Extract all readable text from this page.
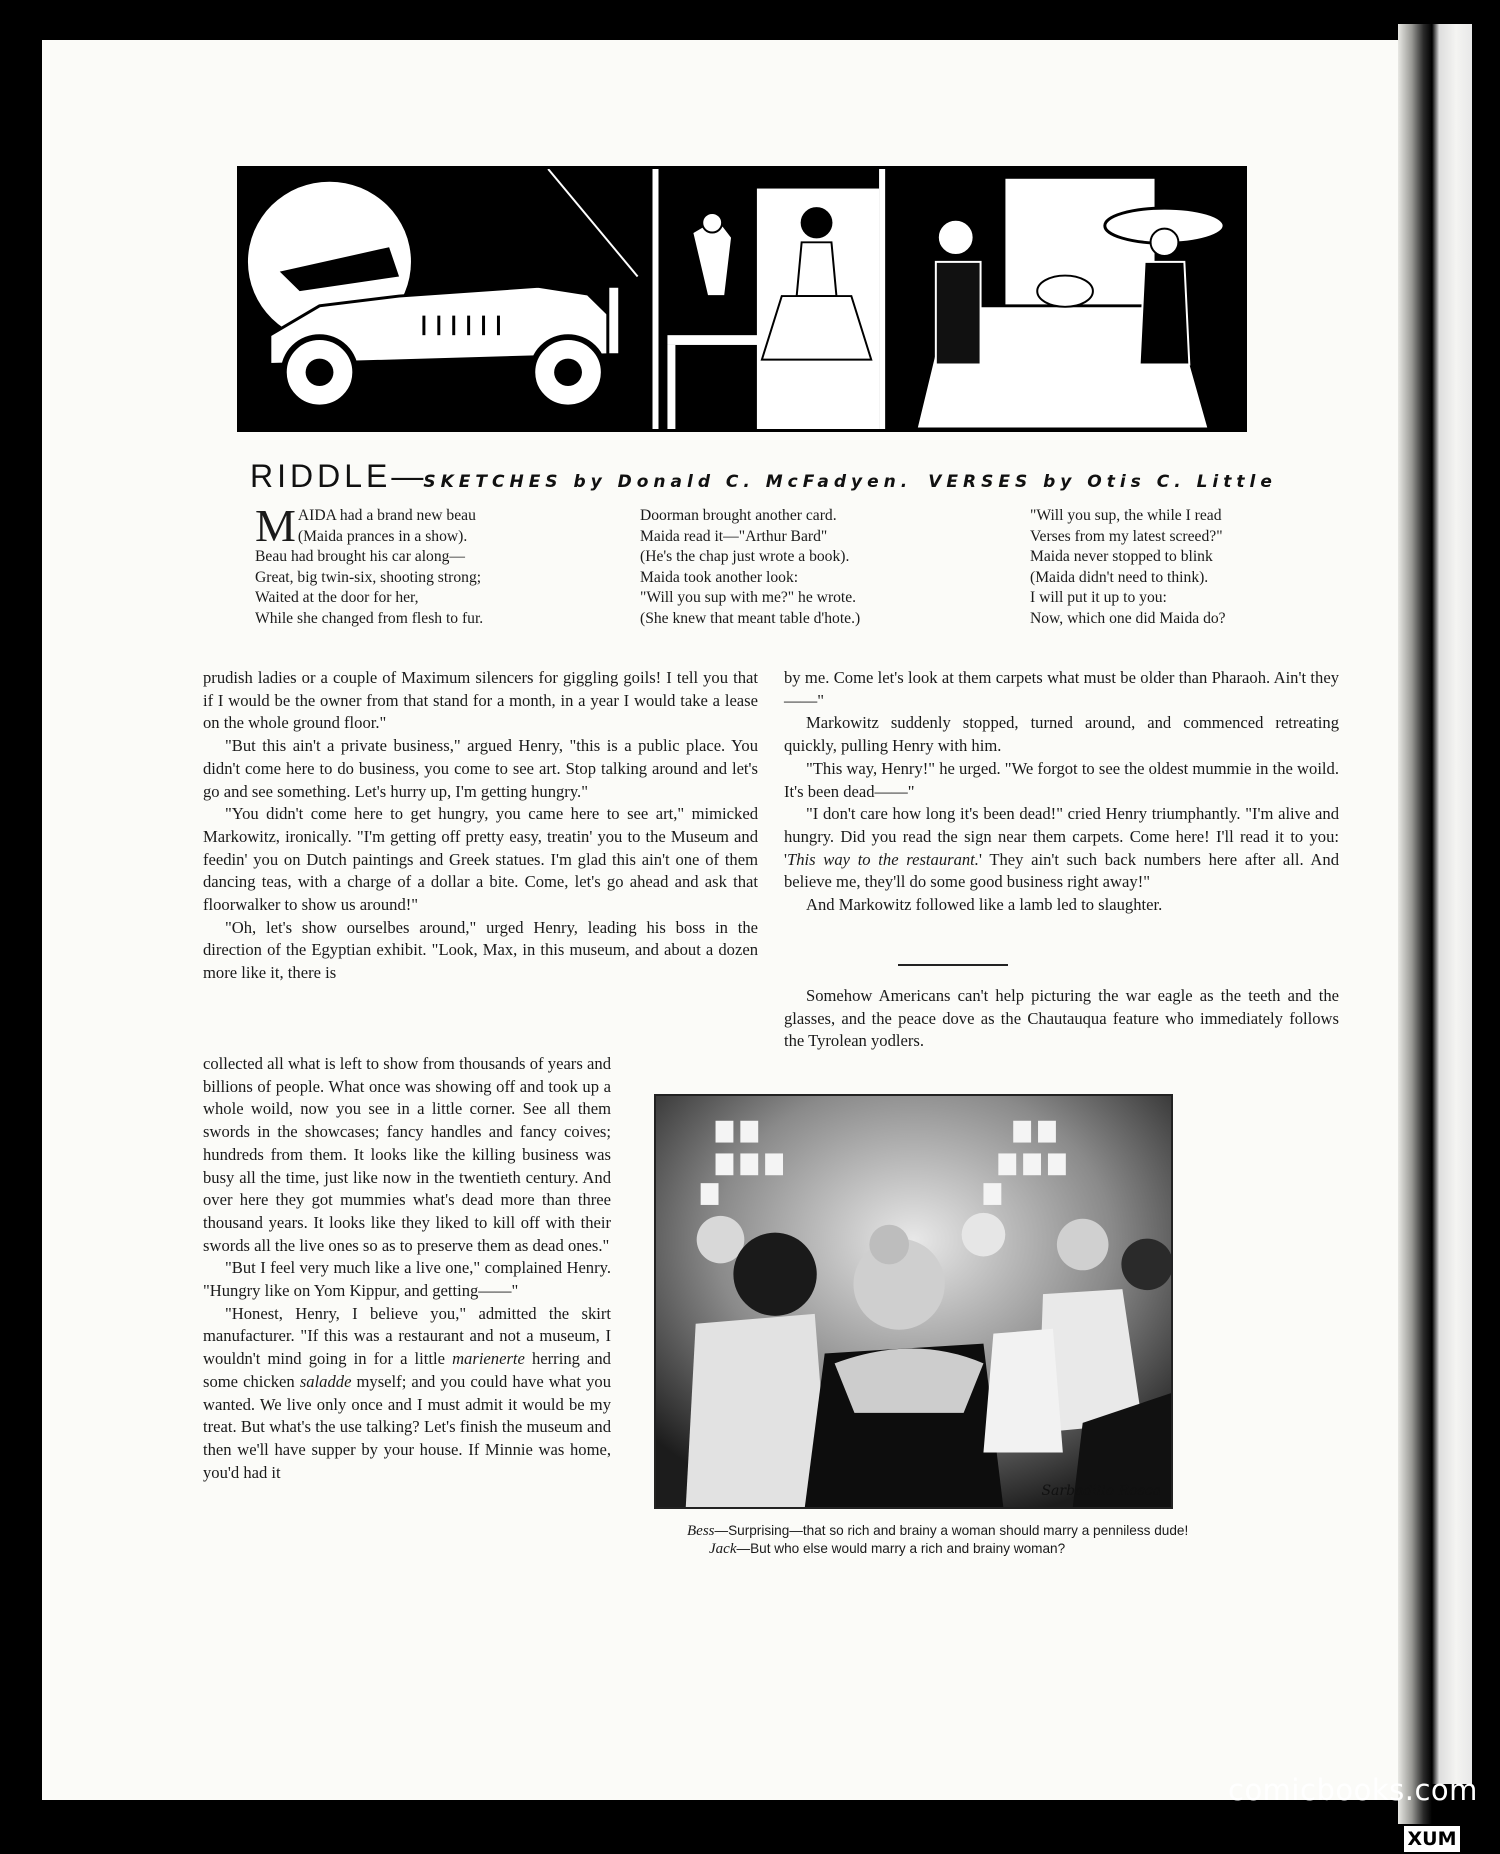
RIDDLE—SKETCHES by Donald C. McFadyen. VERSES by Otis C. Little
M AIDA had a brand new beau
(Maida prances in a show).
Beau had brought his car along—
Great, big twin-six, shooting strong;
Waited at the door for her,
While she changed from flesh to fur.
Doorman brought another card.
Maida read it—"Arthur Bard"
(He's the chap just wrote a book).
Maida took another look:
"Will you sup with me?" he wrote.
(She knew that meant table d'hote.)
"Will you sup, the while I read
Verses from my latest screed?"
Maida never stopped to blink
(Maida didn't need to think).
I will put it up to you:
Now, which one did Maida do?

prudish ladies or a couple of Maximum silencers for giggling goils! I tell you that if I would be the owner from that stand for a month, in a year I would take a lease on the whole ground floor."

"But this ain't a private business," argued Henry, "this is a public place. You didn't come here to do business, you come to see art. Stop talking around and let's go and see something. Let's hurry up, I'm getting hungry."

"You didn't come here to get hungry, you came here to see art," mimicked Markowitz, ironically. "I'm getting off pretty easy, treatin' you to the Museum and feedin' you on Dutch paintings and Greek statues. I'm glad this ain't one of them dancing teas, with a charge of a dollar a bite. Come, let's go ahead and ask that floorwalker to show us around!"

"Oh, let's show ourselbes around," urged Henry, leading his boss in the direction of the Egyptian exhibit. "Look, Max, in this museum, and about a dozen more like it, there is

collected all what is left to show from thousands of years and billions of people. What once was showing off and took up a whole woild, now you see in a little corner. See all them swords in the showcases; fancy handles and fancy coives; hundreds from them. It looks like the killing business was busy all the time, just like now in the twentieth century. And over here they got mummies what's dead more than three thousand years. It looks like they liked to kill off with their swords all the live ones so as to preserve them as dead ones."

"But I feel very much like a live one," complained Henry. "Hungry like on Yom Kippur, and getting——"

"Honest, Henry, I believe you," admitted the skirt manufacturer. "If this was a restaurant and not a museum, I wouldn't mind going in for a little marienerte herring and some chicken saladde myself; and you could have what you wanted. We live only once and I must admit it would be my treat. But what's the use talking? Let's finish the museum and then we'll have supper by your house. If Minnie was home, you'd had it

by me. Come let's look at them carpets what must be older than Pharaoh. Ain't they——"

Markowitz suddenly stopped, turned around, and commenced retreating quickly, pulling Henry with him.

"This way, Henry!" he urged. "We forgot to see the oldest mummie in the woild. It's been dead——"

"I don't care how long it's been dead!" cried Henry triumphantly. "I'm alive and hungry. Did you read the sign near them carpets. Come here! I'll read it to you: 'This way to the restaurant.' They ain't such back numbers here after all. And believe me, they'll do some good business right away!"

And Markowitz followed like a lamb led to slaughter.

Somehow Americans can't help picturing the war eagle as the teeth and the glasses, and the peace dove as the Chautauqua feature who immediately follows the Tyrolean yodlers.

Sarbadillo Rosca

Bess—Surprising—that so rich and brainy a woman should marry a penniless dude!

Jack—But who else would marry a rich and brainy woman?

comicbooks.com
XUM
